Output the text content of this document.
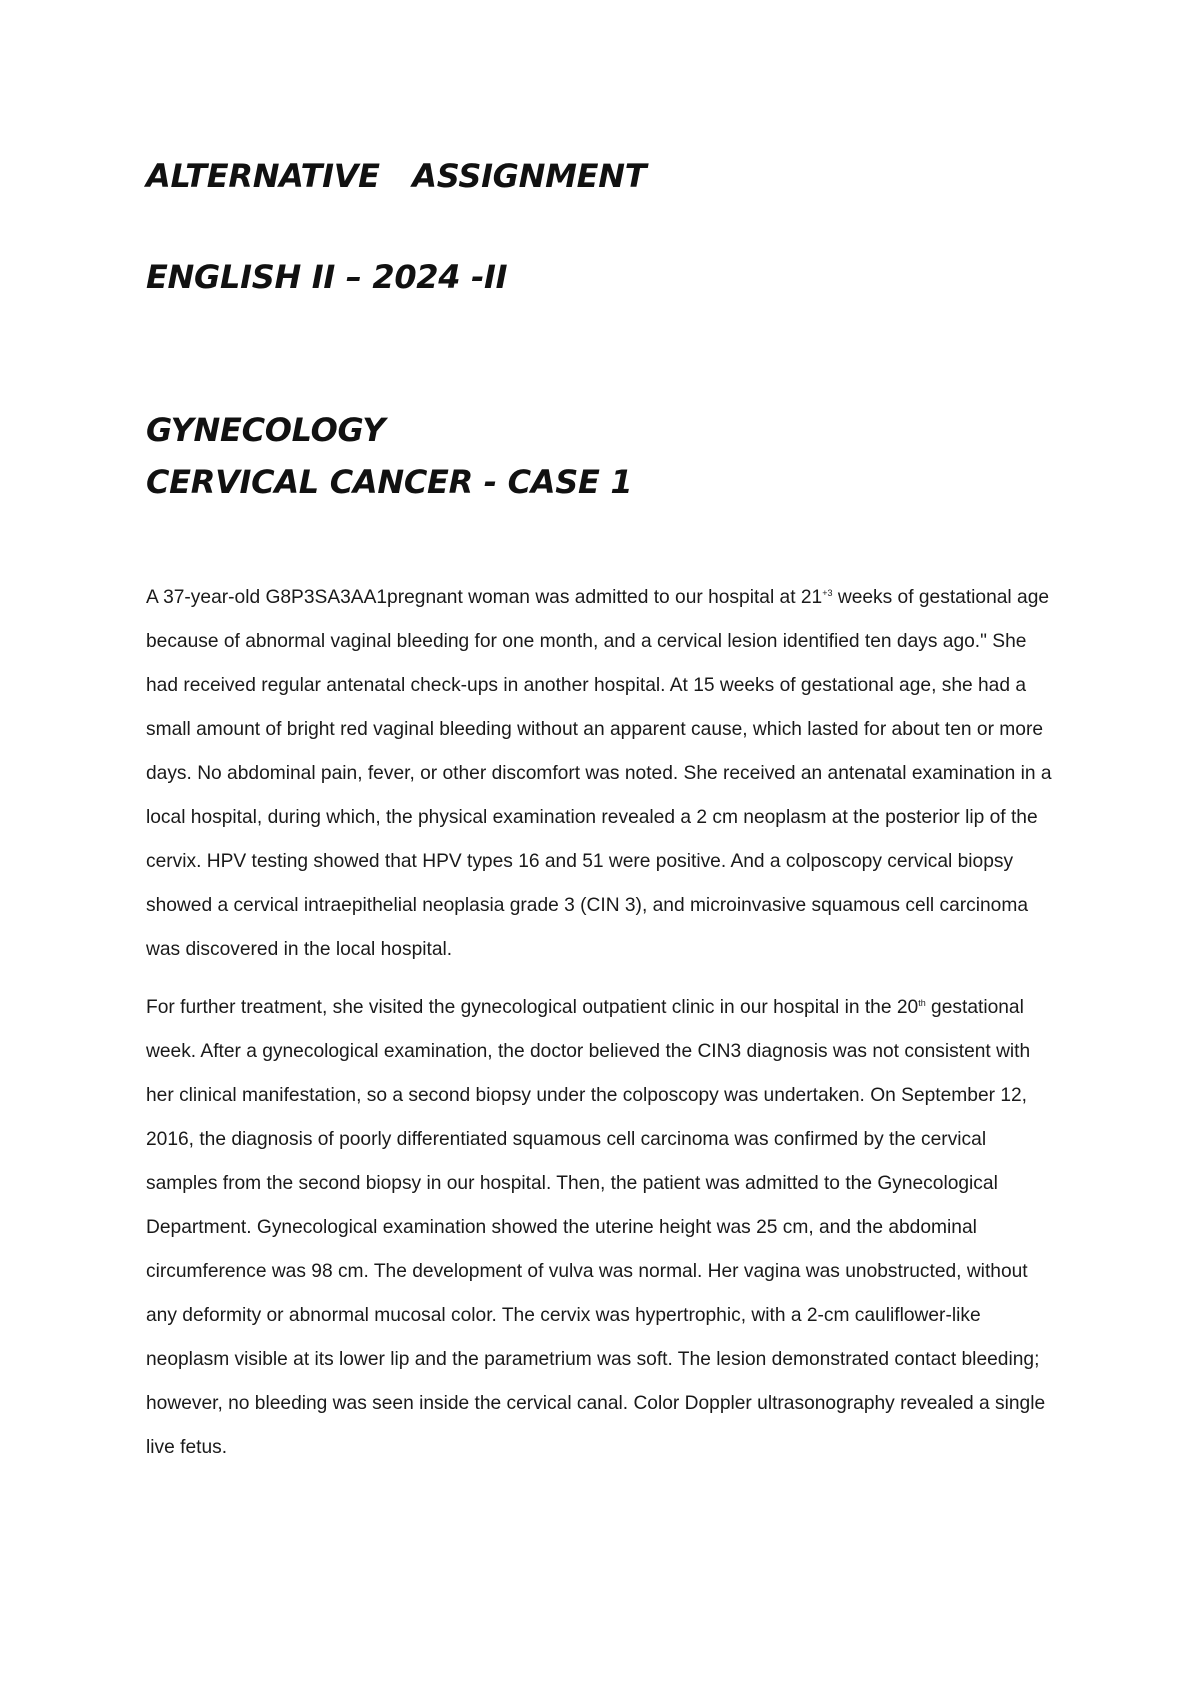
ALTERNATIVE   ASSIGNMENT
ENGLISH II – 2024 -II
GYNECOLOGY
CERVICAL CANCER - CASE 1

A 37-year-old G8P3SA3AA1pregnant woman was admitted to our hospital at $21^{+3}$ weeks of gestational age because of abnormal vaginal bleeding for one month, and a cervical lesion identified ten days ago." She had received regular antenatal check-ups in another hospital. At 15 weeks of gestational age, she had a small amount of bright red vaginal bleeding without an apparent cause, which lasted for about ten or more days. No abdominal pain, fever, or other discomfort was noted. She received an antenatal examination in a local hospital, during which, the physical examination revealed a 2 cm neoplasm at the posterior lip of the cervix. HPV testing showed that HPV types 16 and 51 were positive. And a colposcopy cervical biopsy showed a cervical intraepithelial neoplasia grade 3 (CIN 3), and microinvasive squamous cell carcinoma was discovered in the local hospital.

For further treatment, she visited the gynecological outpatient clinic in our hospital in the 20th gestational week. After a gynecological examination, the doctor believed the CIN3 diagnosis was not consistent with her clinical manifestation, so a second biopsy under the colposcopy was undertaken. On September 12, 2016, the diagnosis of poorly differentiated squamous cell carcinoma was confirmed by the cervical samples from the second biopsy in our hospital. Then, the patient was admitted to the Gynecological Department. Gynecological examination showed the uterine height was 25 cm, and the abdominal circumference was 98 cm. The development of vulva was normal. Her vagina was unobstructed, without any deformity or abnormal mucosal color. The cervix was hypertrophic, with a 2-cm cauliflower-like neoplasm visible at its lower lip and the parametrium was soft. The lesion demonstrated contact bleeding; however, no bleeding was seen inside the cervical canal. Color Doppler ultrasonography revealed a single live fetus.
